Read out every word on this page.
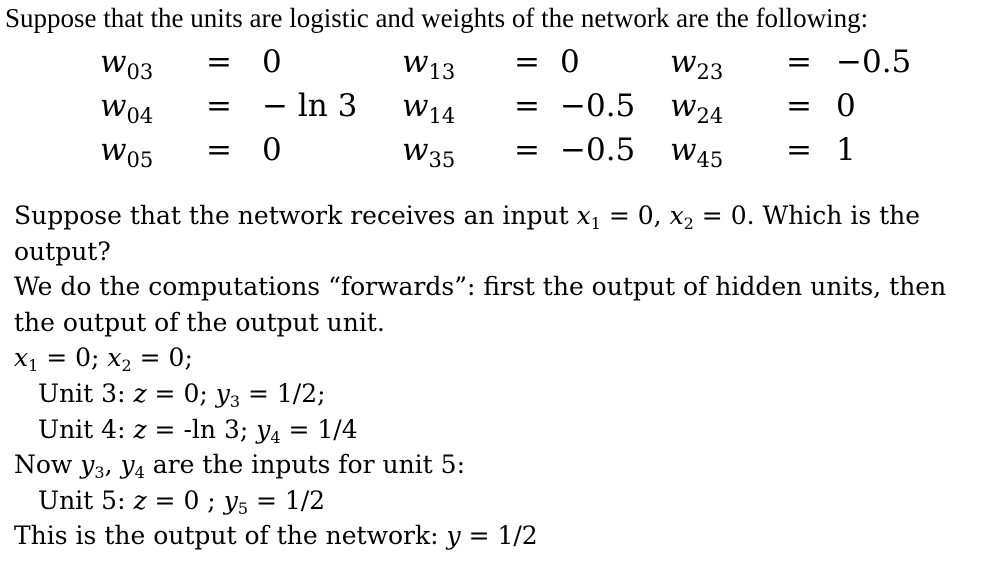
Suppose that the units are logistic and weights of the network are the following:
$w_{03}$	=	0	$w_{13}$	=	0	$w_{23}$	=	−0.5
$w_{04}$	=	− ln 3	$w_{14}$	=	−0.5	$w_{24}$	=	0
$w_{05}$	=	0	$w_{35}$	=	−0.5	$w_{45}$	=	1
Suppose that the network receives an input $x_1 = 0$, $x_2 = 0$. Which is the
output?
We do the computations “forwards”: first the output of hidden units, then
the output of the output unit.
$x_1 = 0$; $x_2 = 0$;
Unit 3: z = 0; $y_3 = 1/2$;
Unit 4: z = -ln 3; $y_4 = 1/4$
Now $y_3$, $y_4$ are the inputs for unit 5:
Unit 5: z = 0 ; $y_5 = 1/2$
This is the output of the network: y = 1/2
